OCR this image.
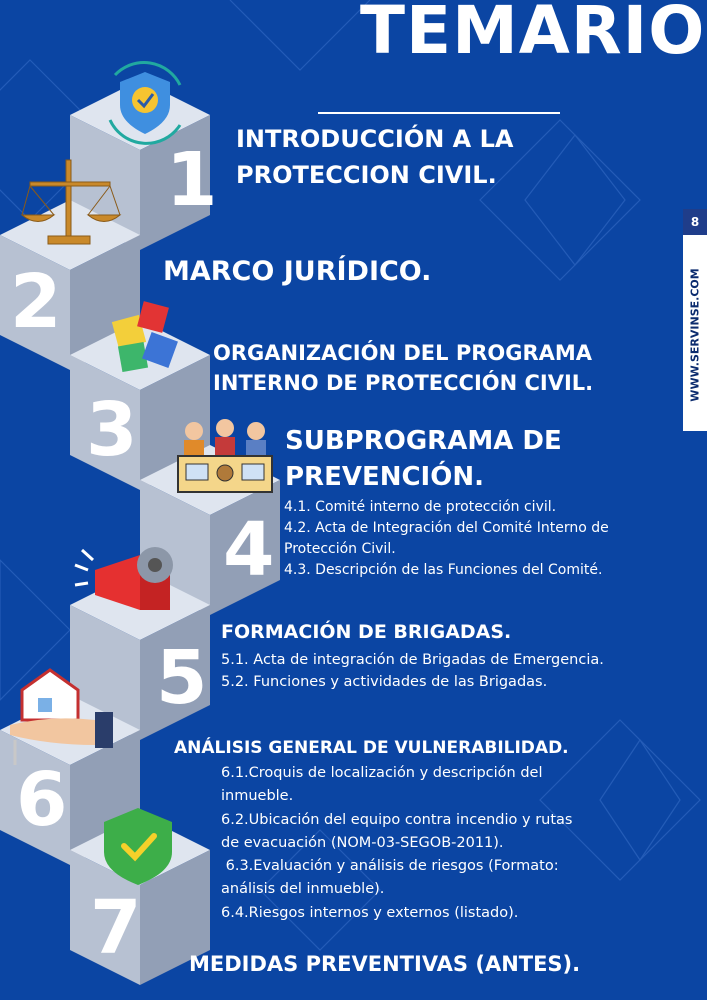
TEMARIO
1
2
3
4
5
6
7
INTRODUCCIÓN A LA
PROTECCION CIVIL.
MARCO JURÍDICO.
ORGANIZACIÓN DEL PROGRAMA
INTERNO DE PROTECCIÓN CIVIL.
SUBPROGRAMA DE
PREVENCIÓN.
4.1. Comité interno de protección civil.
4.2. Acta de Integración del Comité Interno de
Protección Civil.
4.3. Descripción de las Funciones del Comité.
FORMACIÓN DE BRIGADAS.
5.1. Acta de integración de Brigadas de Emergencia.
5.2. Funciones y actividades de las Brigadas.
ANÁLISIS GENERAL DE VULNERABILIDAD.
6.1.Croquis de localización y descripción del
inmueble.
6.2.Ubicación del equipo contra incendio y rutas
de evacuación (NOM-03-SEGOB-2011).
6.3.Evaluación y análisis de riesgos (Formato:
análisis del inmueble).
6.4.Riesgos internos y externos (listado).
MEDIDAS PREVENTIVAS (ANTES).
8
WWW.SERVINSE.COM
